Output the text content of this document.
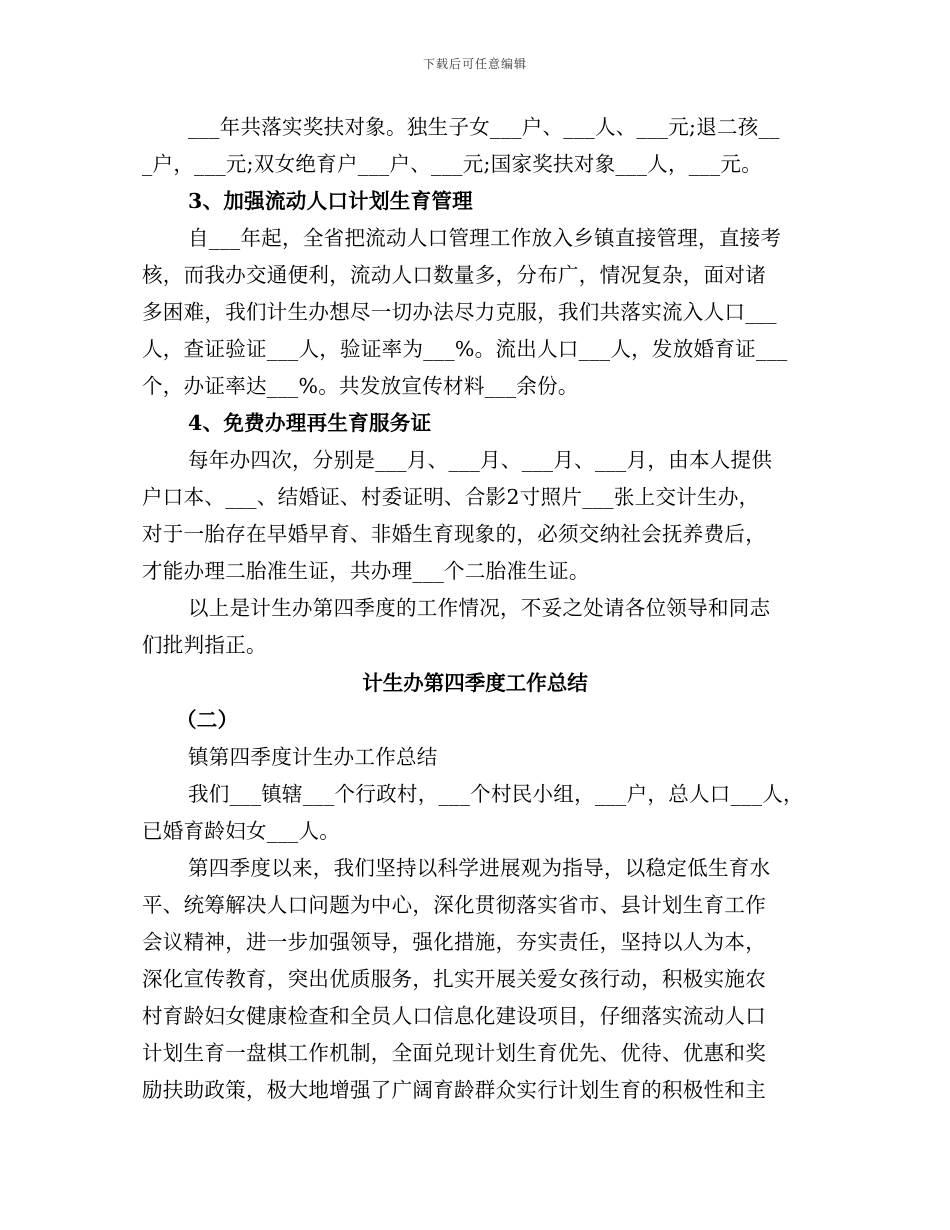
下载后可任意编辑
___年共落实奖扶对象。独生子女___户、___人、___元;退二孩__
_户，___元;双女绝育户___户、___元;国家奖扶对象___人，___元。
3、加强流动人口计划生育管理
自___年起，全省把流动人口管理工作放入乡镇直接管理，直接考
核，而我办交通便利，流动人口数量多，分布广，情况复杂，面对诸
多困难，我们计生办想尽一切办法尽力克服，我们共落实流入人口___
人，查证验证___人，验证率为___%。流出人口___人，发放婚育证___
个，办证率达___%。共发放宣传材料___余份。
4、免费办理再生育服务证
每年办四次，分别是___月、___月、___月、___月，由本人提供
户口本、___、结婚证、村委证明、合影2寸照片___张上交计生办，
对于一胎存在早婚早育、非婚生育现象的，必须交纳社会抚养费后，
才能办理二胎准生证，共办理___个二胎准生证。
以上是计生办第四季度的工作情况，不妥之处请各位领导和同志
们批判指正。
计生办第四季度工作总结
（二）
镇第四季度计生办工作总结
我们___镇辖___个行政村，___个村民小组，___户，总人口___人，
已婚育龄妇女___人。
第四季度以来，我们坚持以科学进展观为指导，以稳定低生育水
平、统筹解决人口问题为中心，深化贯彻落实省市、县计划生育工作
会议精神，进一步加强领导，强化措施，夯实责任，坚持以人为本，
深化宣传教育，突出优质服务，扎实开展关爱女孩行动，积极实施农
村育龄妇女健康检查和全员人口信息化建设项目，仔细落实流动人口
计划生育一盘棋工作机制，全面兑现计划生育优先、优待、优惠和奖
励扶助政策，极大地增强了广阔育龄群众实行计划生育的积极性和主
